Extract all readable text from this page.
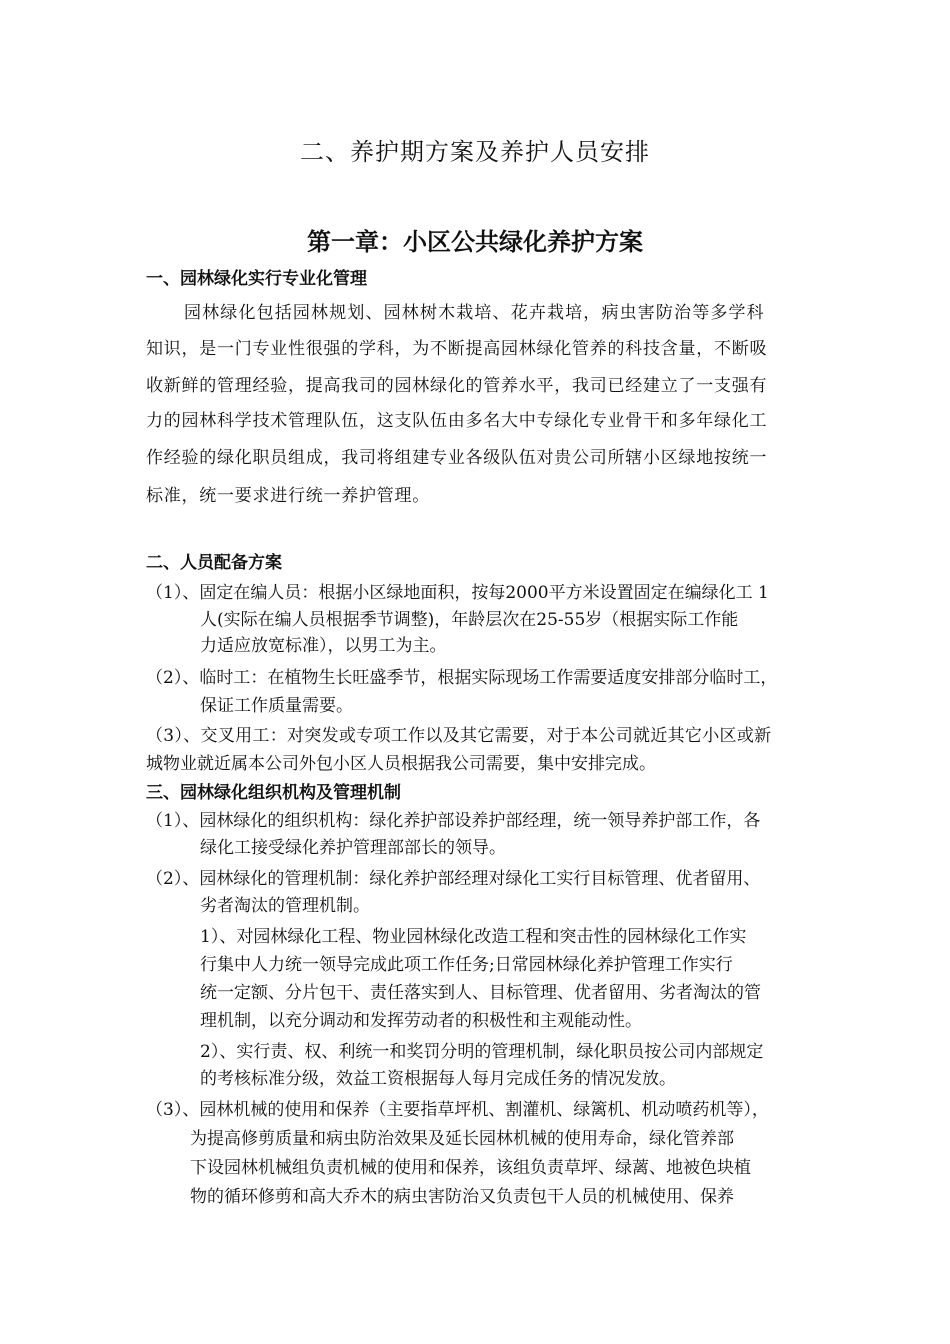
二、养护期方案及养护人员安排
第一章：小区公共绿化养护方案
一、园林绿化实行专业化管理
园林绿化包括园林规划、园林树木栽培、花卉栽培，病虫害防治等多学科
知识，是一门专业性很强的学科，为不断提高园林绿化管养的科技含量，不断吸
收新鲜的管理经验，提高我司的园林绿化的管养水平，我司已经建立了一支强有
力的园林科学技术管理队伍，这支队伍由多名大中专绿化专业骨干和多年绿化工
作经验的绿化职员组成，我司将组建专业各级队伍对贵公司所辖小区绿地按统一
标准，统一要求进行统一养护管理。
二、人员配备方案
（1）、固定在编人员：根据小区绿地面积，按每2000平方米设置固定在编绿化工 1
人(实际在编人员根据季节调整)，年龄层次在25-55岁（根据实际工作能
力适应放宽标准），以男工为主。
（2）、临时工：在植物生长旺盛季节，根据实际现场工作需要适度安排部分临时工，
保证工作质量需要。
（3）、交叉用工：对突发或专项工作以及其它需要，对于本公司就近其它小区或新
城物业就近属本公司外包小区人员根据我公司需要，集中安排完成。
三、园林绿化组织机构及管理机制
（1）、园林绿化的组织机构：绿化养护部设养护部经理，统一领导养护部工作，各
绿化工接受绿化养护管理部部长的领导。
（2）、园林绿化的管理机制：绿化养护部经理对绿化工实行目标管理、优者留用、
劣者淘汰的管理机制。
1）、对园林绿化工程、物业园林绿化改造工程和突击性的园林绿化工作实
行集中人力统一领导完成此项工作任务;日常园林绿化养护管理工作实行
统一定额、分片包干、责任落实到人、目标管理、优者留用、劣者淘汰的管
理机制，以充分调动和发挥劳动者的积极性和主观能动性。
2）、实行责、权、利统一和奖罚分明的管理机制，绿化职员按公司内部规定
的考核标准分级，效益工资根据每人每月完成任务的情况发放。
（3）、园林机械的使用和保养（主要指草坪机、割灌机、绿篱机、机动喷药机等），
为提高修剪质量和病虫防治效果及延长园林机械的使用寿命，绿化管养部
下设园林机械组负责机械的使用和保养，该组负责草坪、绿蓠、地被色块植
物的循环修剪和高大乔木的病虫害防治又负责包干人员的机械使用、保养
